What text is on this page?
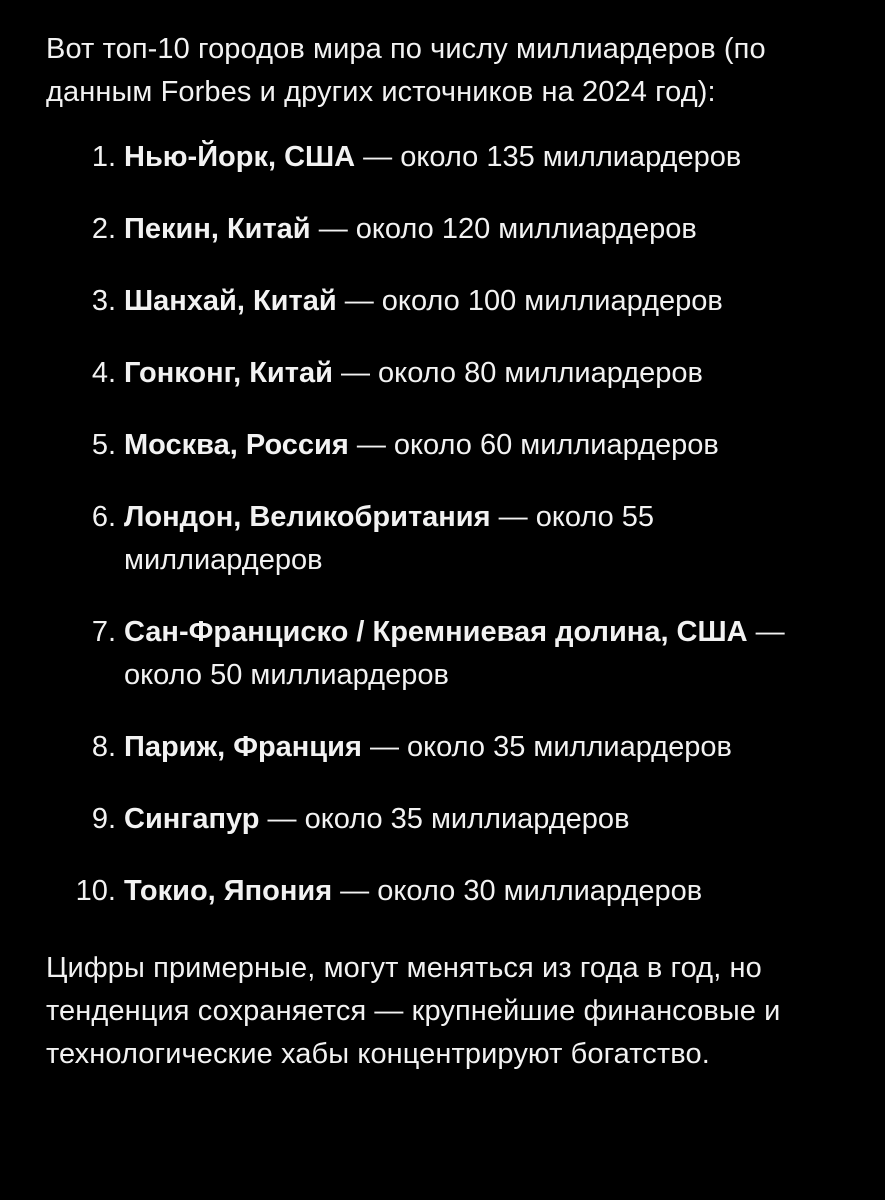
Вот топ-10 городов мира по числу миллиардеров (по данным Forbes и других источников на 2024 год):

1. Нью-Йорк, США — около 135 миллиардеров
2. Пекин, Китай — около 120 миллиардеров
3. Шанхай, Китай — около 100 миллиардеров
4. Гонконг, Китай — около 80 миллиардеров
5. Москва, Россия — около 60 миллиардеров
6. Лондон, Великобритания — около 55 миллиардеров
7. Сан-Франциско / Кремниевая долина, США — около 50 миллиардеров
8. Париж, Франция — около 35 миллиардеров
9. Сингапур — около 35 миллиардеров
10. Токио, Япония — около 30 миллиардеров

Цифры примерные, могут меняться из года в год, но тенденция сохраняется — крупнейшие финансовые и технологические хабы концентрируют богатство.
